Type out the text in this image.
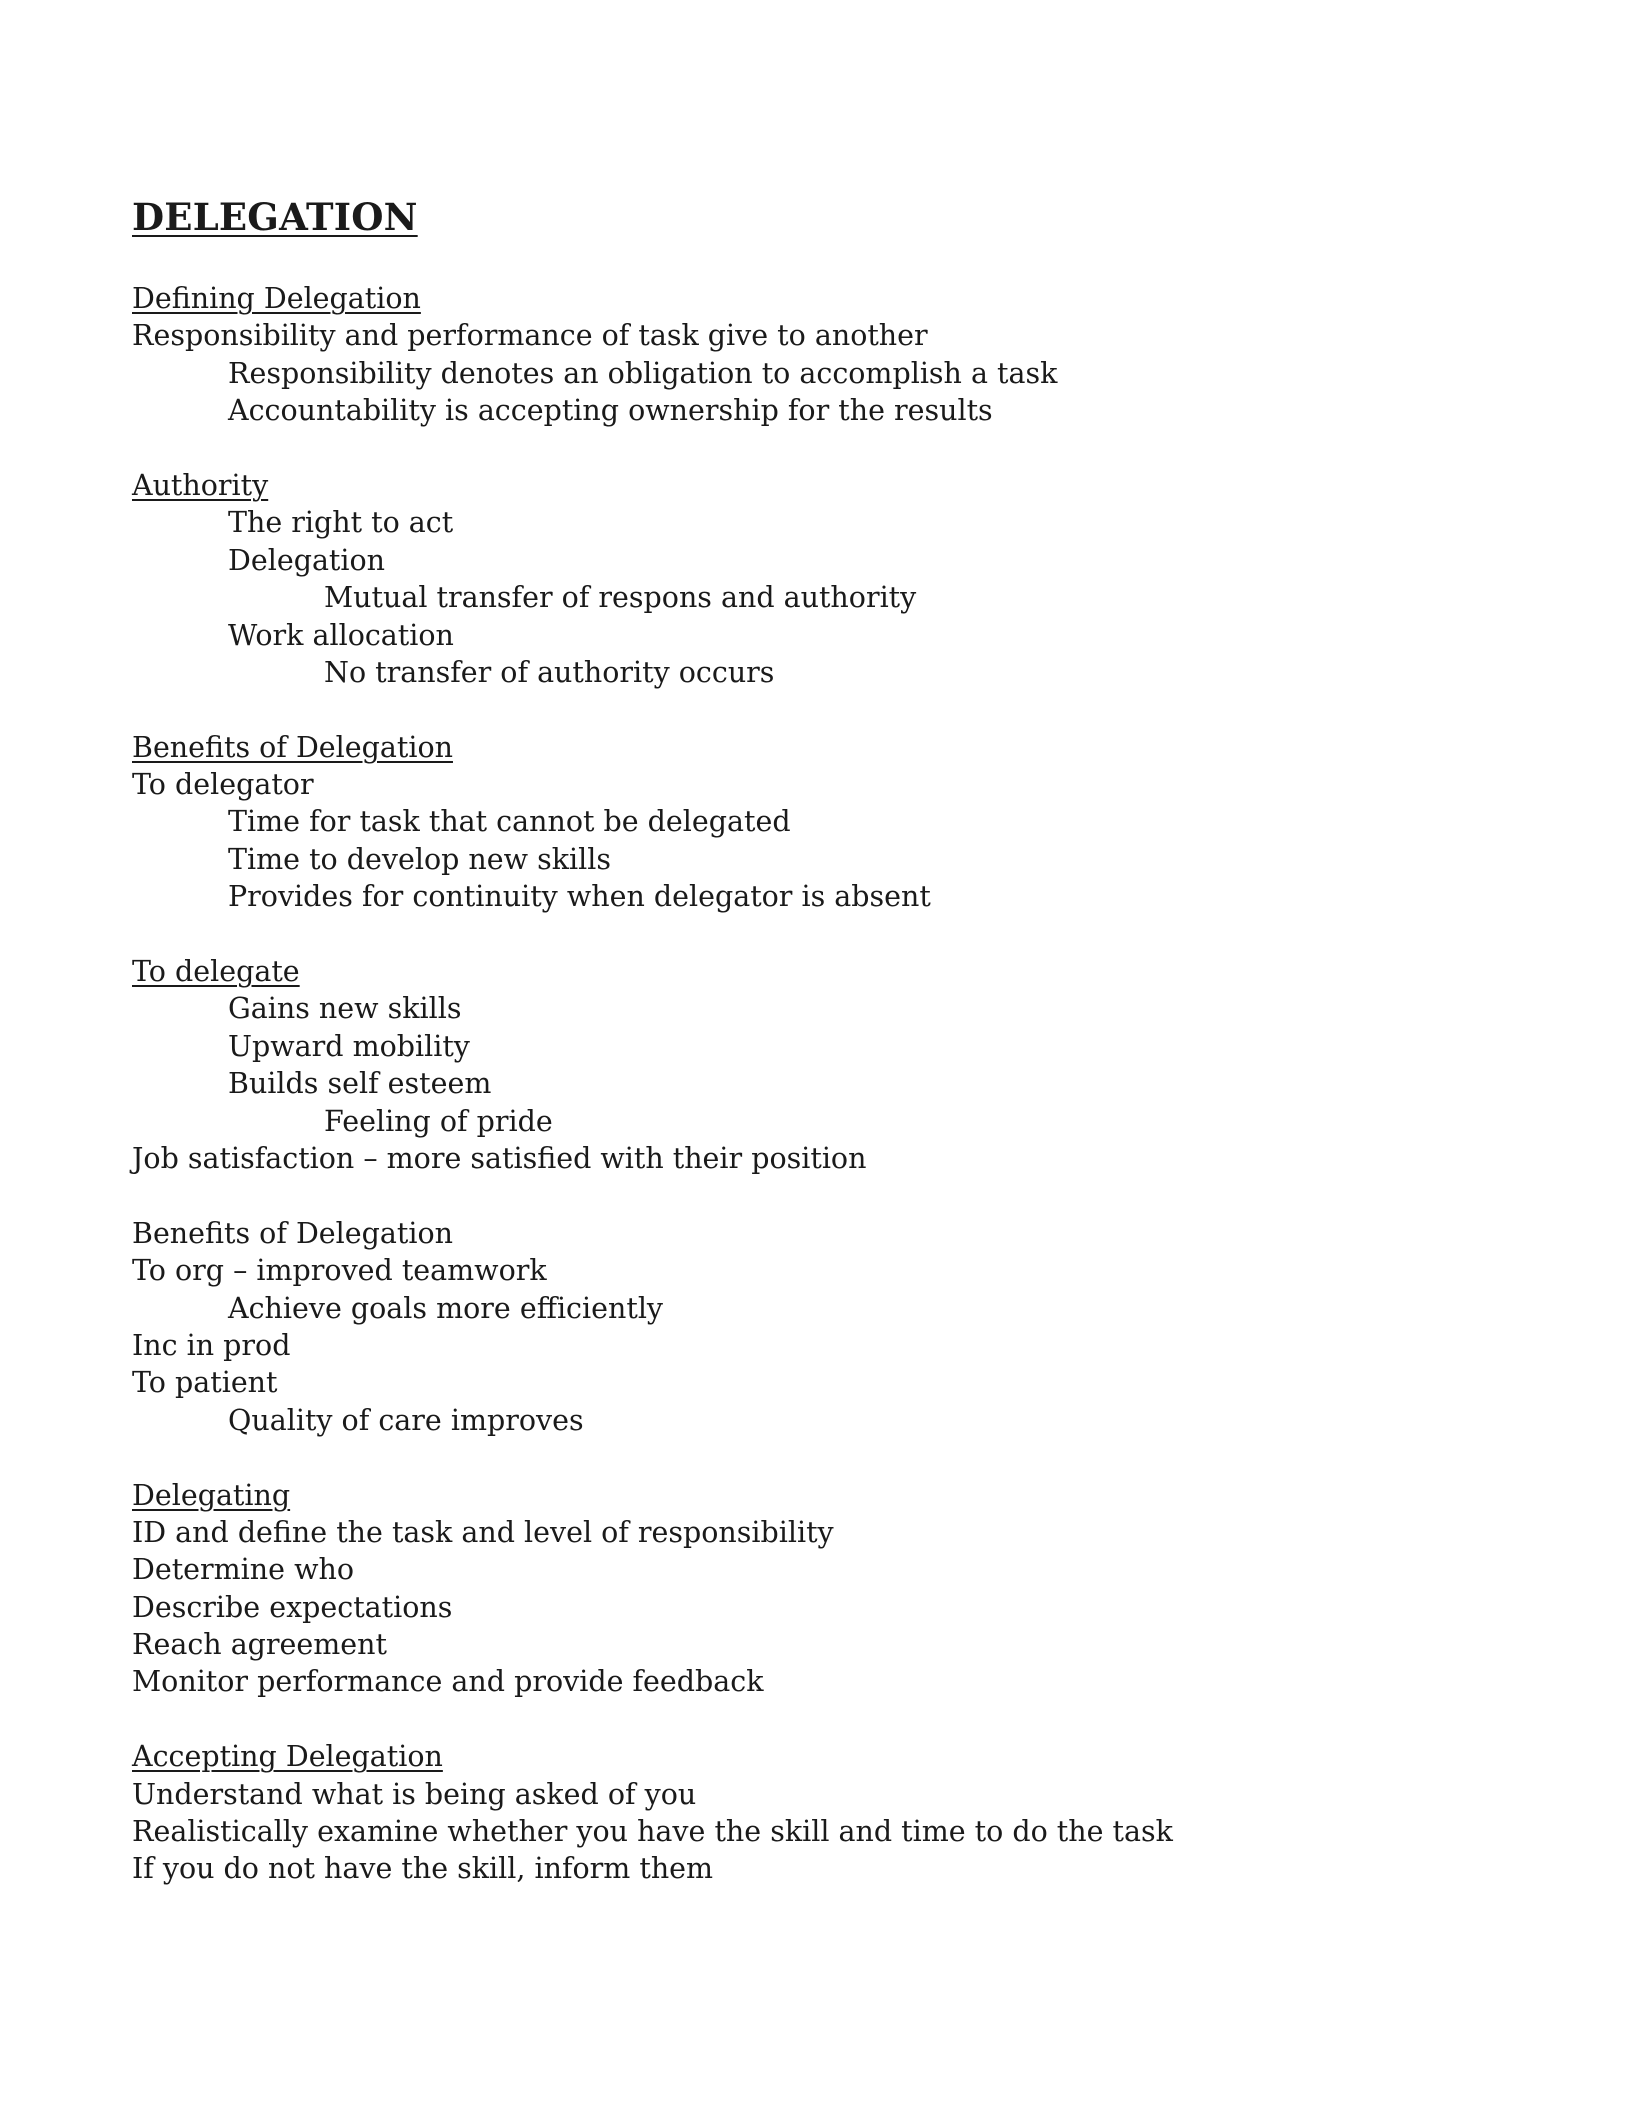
DELEGATION
Defining Delegation
Responsibility and performance of task give to another
Responsibility denotes an obligation to accomplish a task
Accountability is accepting ownership for the results
Authority
The right to act
Delegation
Mutual transfer of respons and authority
Work allocation
No transfer of authority occurs
Benefits of Delegation
To delegator
Time for task that cannot be delegated
Time to develop new skills
Provides for continuity when delegator is absent
To delegate
Gains new skills
Upward mobility
Builds self esteem
Feeling of pride
Job satisfaction – more satisfied with their position
Benefits of Delegation
To org – improved teamwork
Achieve goals more efficiently
Inc in prod
To patient
Quality of care improves
Delegating
ID and define the task and level of responsibility
Determine who
Describe expectations
Reach agreement
Monitor performance and provide feedback
Accepting Delegation
Understand what is being asked of you
Realistically examine whether you have the skill and time to do the task
If you do not have the skill, inform them
